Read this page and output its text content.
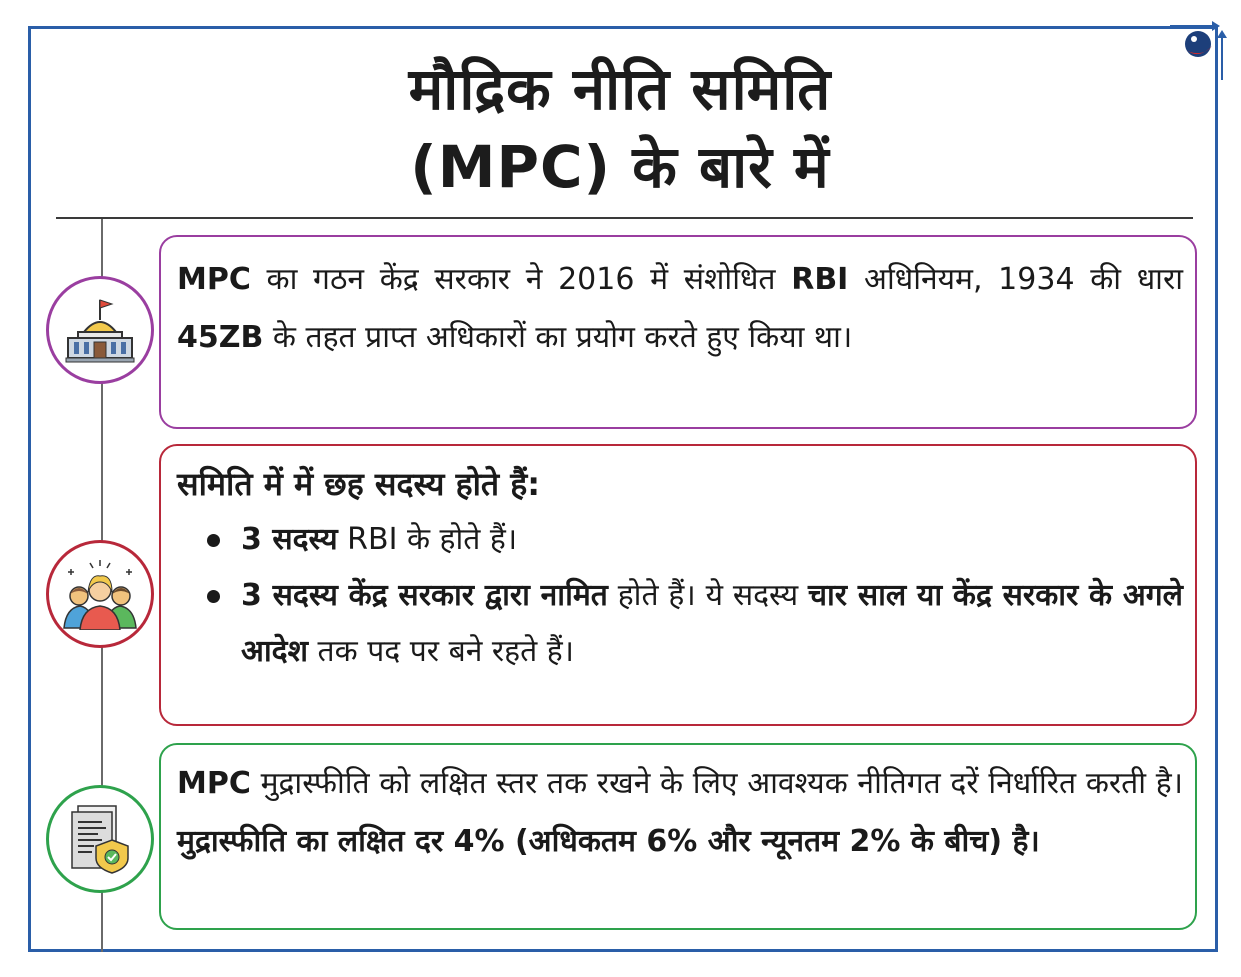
मौद्रिक नीति समिति
(MPC) के बारे में
MPC का गठन केंद्र सरकार ने 2016 में संशोधित RBI अधिनियम, 1934 की धारा 45ZB के तहत प्राप्त अधिकारों का प्रयोग करते हुए किया था।
समिति में में छह सदस्य होते हैं:
3 सदस्य RBI के होते हैं।
3 सदस्य केंद्र सरकार द्वारा नामित होते हैं। ये सदस्य चार साल या केंद्र सरकार के अगले आदेश तक पद पर बने रहते हैं।
MPC मुद्रास्फीति को लक्षित स्तर तक रखने के लिए आवश्यक नीतिगत दरें निर्धारित करती है। मुद्रास्फीति का लक्षित दर 4% (अधिकतम 6% और न्यूनतम 2% के बीच) है।
